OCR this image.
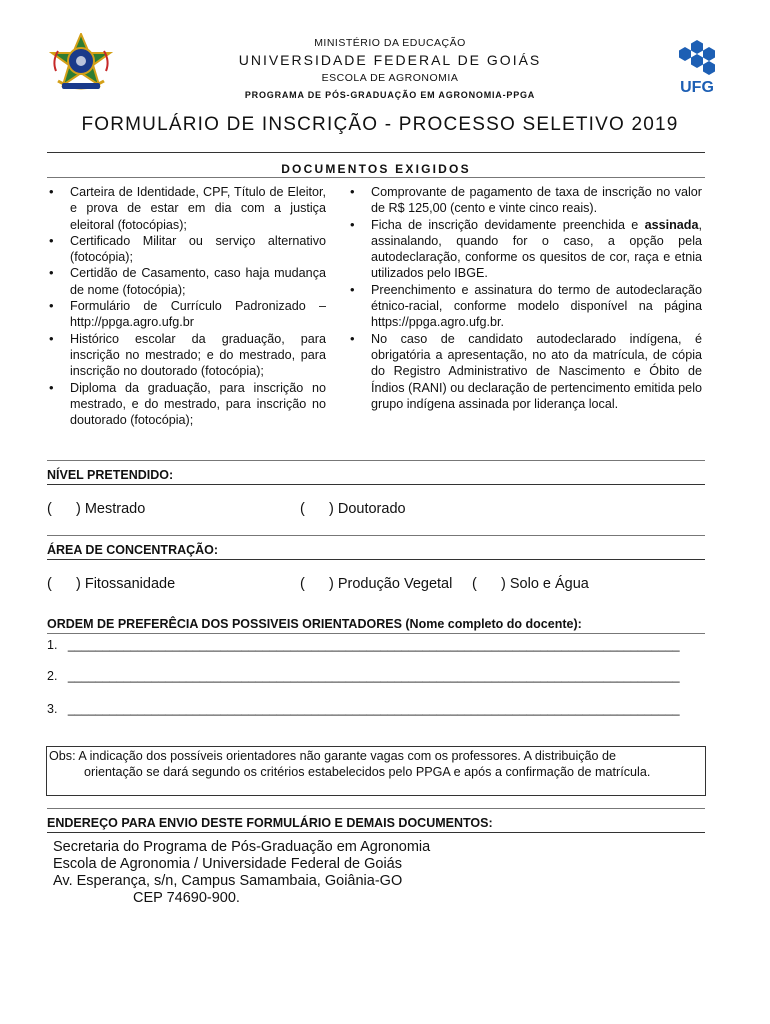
UFG
MINISTÉRIO DA EDUCAÇÃO
UNIVERSIDADE FEDERAL DE GOIÁS
ESCOLA DE AGRONOMIA
PROGRAMA DE PÓS-GRADUAÇÃO EM AGRONOMIA-PPGA
FORMULÁRIO DE INSCRIÇÃO - PROCESSO SELETIVO 2019
DOCUMENTOS EXIGIDOS
• Carteira de Identidade, CPF, Título de Eleitor, e prova de estar em dia com a justiça eleitoral (fotocópias);
• Certificado Militar ou serviço alternativo (fotocópia);
• Certidão de Casamento, caso haja mudança de nome (fotocópia);
• Formulário de Currículo Padronizado – http://ppga.agro.ufg.br
• Histórico escolar da graduação, para inscrição no mestrado; e do mestrado, para inscrição no doutorado (fotocópia);
• Diploma da graduação, para inscrição no mestrado, e do mestrado, para inscrição no doutorado (fotocópia);
• Comprovante de pagamento de taxa de inscrição no valor de R$ 125,00 (cento e vinte cinco reais).
• Ficha de inscrição devidamente preenchida e assinada, assinalando, quando for o caso, a opção pela autodeclaração, conforme os quesitos de cor, raça e etnia utilizados pelo IBGE.
• Preenchimento e assinatura do termo de autodeclaração étnico-racial, conforme modelo disponível na página https://ppga.agro.ufg.br.
• No caso de candidato autodeclarado indígena, é obrigatória a apresentação, no ato da matrícula, de cópia do Registro Administrativo de Nascimento e Óbito de Índios (RANI) ou declaração de pertencimento emitida pelo grupo indígena assinada por liderança local.
NÍVEL PRETENDIDO:
(      ) Mestrado	(      ) Doutorado
ÁREA DE CONCENTRAÇÃO:
(      ) Fitossanidade	(      ) Produção Vegetal (      ) Solo e Água
ORDEM DE PREFERÊCIA DOS POSSIVEIS ORIENTADORES (Nome completo do docente):
1.   ________________________________________________________________________________________
2.   ________________________________________________________________________________________
3.   ________________________________________________________________________________________
Obs: A indicação dos possíveis orientadores não garante vagas com os professores. A distribuição de
orientação se dará segundo os critérios estabelecidos pelo PPGA e após a confirmação de matrícula.
ENDEREÇO PARA ENVIO DESTE FORMULÁRIO E DEMAIS DOCUMENTOS:
Secretaria do Programa de Pós-Graduação em Agronomia
Escola de Agronomia / Universidade Federal de Goiás
Av. Esperança, s/n, Campus Samambaia, Goiânia-GO
CEP 74690-900.
